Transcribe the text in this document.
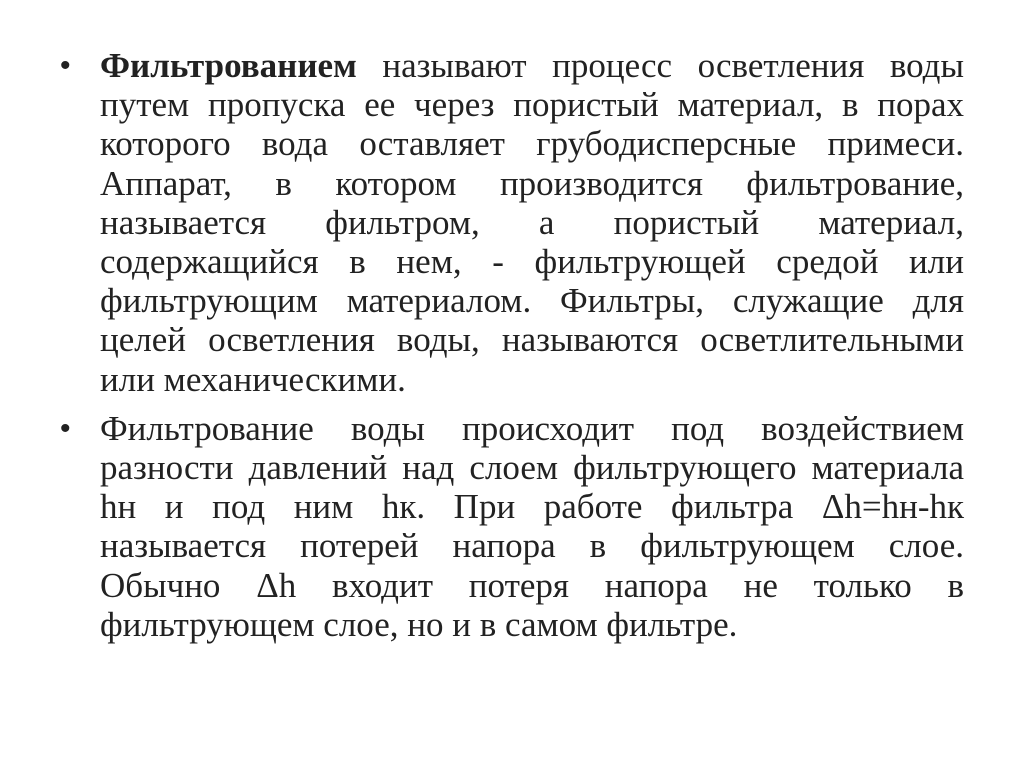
• Фильтрованием называют процесс осветления воды путем пропуска ее через пористый материал, в порах которого вода оставляет грубодисперсные примеси. Аппарат, в котором производится фильтрование, называется фильтром, а пористый материал, содержащийся в нем, - фильтрующей средой или фильтрующим материалом. Фильтры, служащие для целей осветления воды, называются осветлительными или механическими.
• Фильтрование воды происходит под воздействием разности давлений над слоем фильтрующего материала hн и под ним hк. При работе фильтра Δh=hн-hк называется потерей напора в фильтрующем слое. Обычно Δh входит потеря напора не только в фильтрующем слое, но и в самом фильтре.
